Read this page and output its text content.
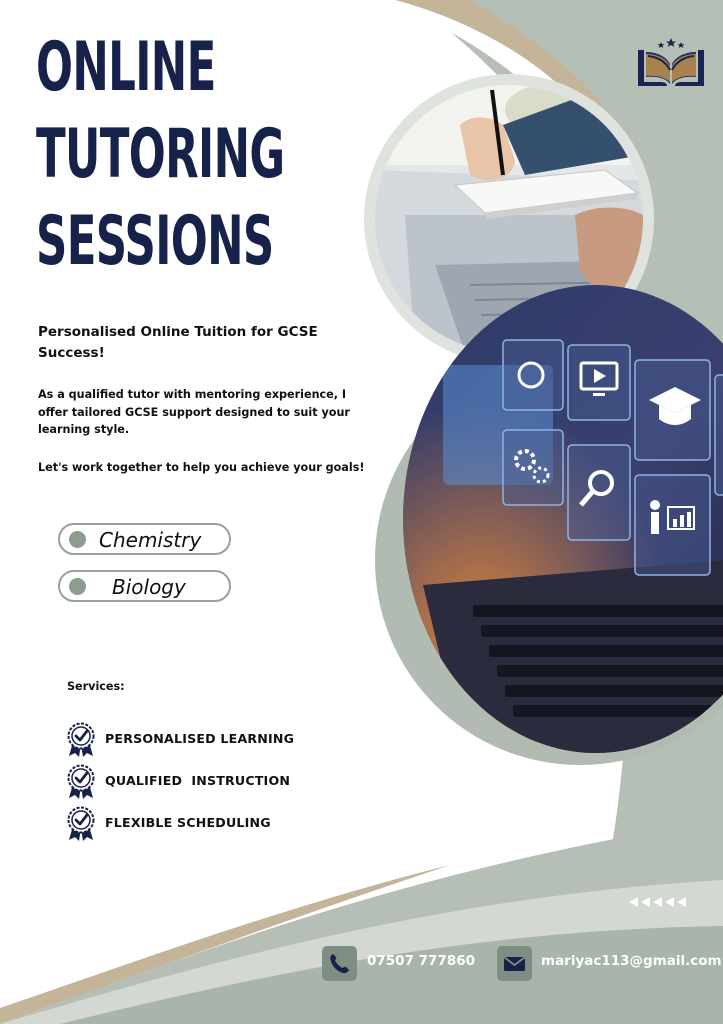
ONLINE
TUTORING
SESSIONS

Personalised Online Tuition for GCSE Success!

As a qualified tutor with mentoring experience, I offer tailored GCSE support designed to suit your learning style.

Let's work together to help you achieve your goals!

Chemistry
Biology

Services:

PERSONALISED LEARNING
QUALIFIED  INSTRUCTION
FLEXIBLE SCHEDULING
07507 777860	mariyac113@gmail.com
